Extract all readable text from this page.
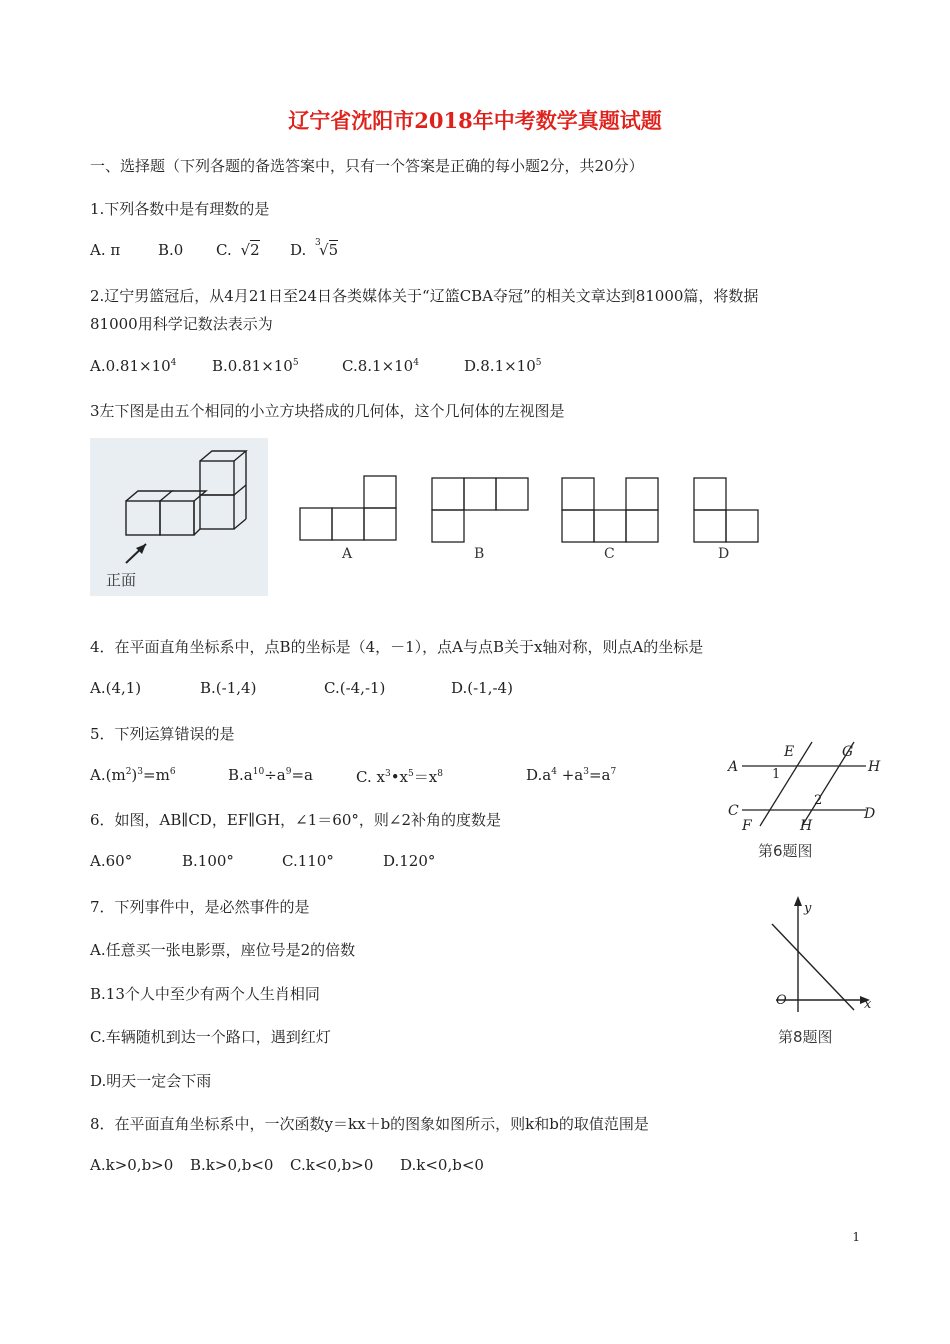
辽宁省沈阳市2018年中考数学真题试题
一、选择题（下列各题的备选答案中，只有一个答案是正确的每小题2分，共20分）
1.下列各数中是有理数的是
A. π	B.0 C. √2 D. 3
√5
2.辽宁男篮冠后，从4月21日至24日各类媒体关于“辽篮CBA夺冠”的相关文章达到81000篇，将数据
81000用科学记数法表示为
$A.0.81\times 10^4$ $B.0.81\times 10^5$	$C.8.1\times 10^4$	$D.8.1\times 10^5$
3左下图是由五个相同的小立方块搭成的几何体，这个几何体的左视图是
正面
A	B	C	D
4．在平面直角坐标系中，点B的坐标是（4，－1），点A与点B关于x轴对称，则点A的坐标是
A.(4,1)	B.(-1,4)	C.(-4,-1)	D.(-1,-4)
5．下列运算错误的是
$A.(m^2)^3=m^6$	$B.a^{10}\div a^9=a$	C. $x^3•x^5=x^8$	$D.a^4 +a^3=a^7$	A
E	G
H
C	D
F	H
1
2
第6题图
6．如图，AB∥CD，EF∥GH，∠1＝60°，则∠2补角的度数是
A.60°	B.100°	C.110°	D.120°
7．下列事件中，是必然事件的是
A.任意买一张电影票，座位号是2的倍数
B.13个人中至少有两个人生肖相同
C.车辆随机到达一个路口，遇到红灯
D.明天一定会下雨
y
x
O
第8题图
8．在平面直角坐标系中，一次函数y＝kx＋b的图象如图所示，则k和b的取值范围是
A.k>0,b>0 B.k>0,b<0 C.k<0,b>0 D.k<0,b<0
1
